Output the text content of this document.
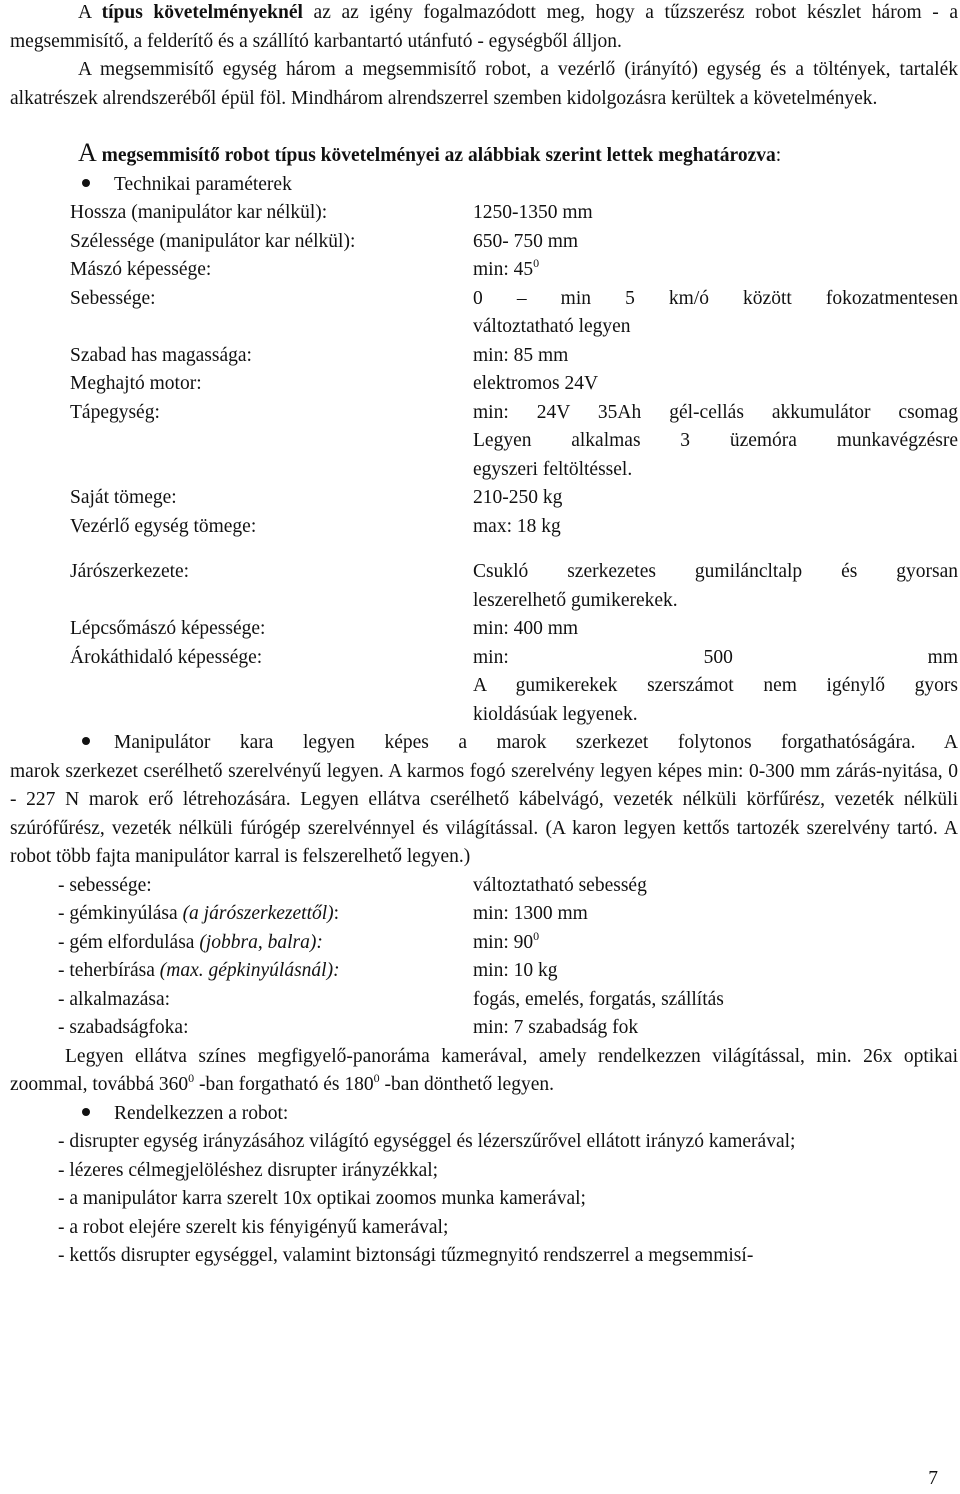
A típus követelményeknél az az igény fogalmazódott meg, hogy a tűzszerész robot készlet három - a megsemmisítő, a felderítő és a szállító karbantartó utánfutó - egységből álljon.

A megsemmisítő egység három a megsemmisítő robot, a vezérlő (irányító) egység és a töltények, tartalék alkatrészek alrendszeréből épül föl. Mindhárom alrendszerrel szemben kidolgozásra kerültek a követelmények.

A megsemmisítő robot típus követelményei az alábbiak szerint lettek meghatározva:

Technikai paraméterek
Hossza (manipulátor kar nélkül):	1250-1350 mm
Szélessége (manipulátor kar nélkül):	650- 750 mm
Mászó képessége:	min: $45^0$
Sebessége:	0 – min 5 km/ó között fokozatmentesen
változtatható legyen
Szabad has magassága:	min: 85 mm
Meghajtó motor:	elektromos 24V
Tápegység:	min: 24V 35Ah gél-cellás akkumulátor csomag
Legyen alkalmas 3 üzemóra munkavégzésre
egyszeri feltöltéssel.
Saját tömege:	210-250 kg
Vezérlő egység tömege:	max: 18 kg
Járószerkezete:	Csukló szerkezetes gumiláncltalp és gyorsan
leszerelhető gumikerekek.
Lépcsőmászó képessége:	min: 400 mm
Árokáthidaló képessége:	min: 500 mm
A gumikerekek szerszámot nem igénylő gyors
kioldásúak legyenek.
Manipulátor kara legyen képes a marok szerkezet folytonos forgathatóságára. A

marok szerkezet cserélhető szerelvényű legyen. A karmos fogó szerelvény legyen képes min: 0-300 mm zárás-nyitása, 0 - 227 N marok erő létrehozására. Legyen ellátva cserélhető kábelvágó, vezeték nélküli körfűrész, vezeték nélküli szúrófűrész, vezeték nélküli fúrógép szerelvénnyel és világítással. (A karon legyen kettős tartozék szerelvény tartó. A robot több fajta manipulátor karral is felszerelhető legyen.)

- sebessége:	változtatható sebesség
- gémkinyúlása (a járószerkezettől):	min: 1300 mm
- gém elfordulása (jobbra, balra):	min: $90^0$
- teherbírása (max. gépkinyúlásnál):	min: 10 kg
- alkalmazása:	fogás, emelés, forgatás, szállítás
- szabadságfoka:	min: 7 szabadság fok

Legyen ellátva színes megfigyelő-panoráma kamerával, amely rendelkezzen világítással, min. 26x optikai zoommal, továbbá $360^0$ -ban forgatható és $180^0$ -ban dönthető legyen.

Rendelkezzen a robot:

- disrupter egység irányzásához világító egységgel és lézerszűrővel ellátott irányzó kamerával;

- lézeres célmegjelöléshez disrupter irányzékkal;

- a manipulátor karra szerelt 10x optikai zoomos munka kamerával;

- a robot elejére szerelt kis fényigényű kamerával;

- kettős disrupter egységgel, valamint biztonsági tűzmegnyitó rendszerrel a megsemmisí-

7
